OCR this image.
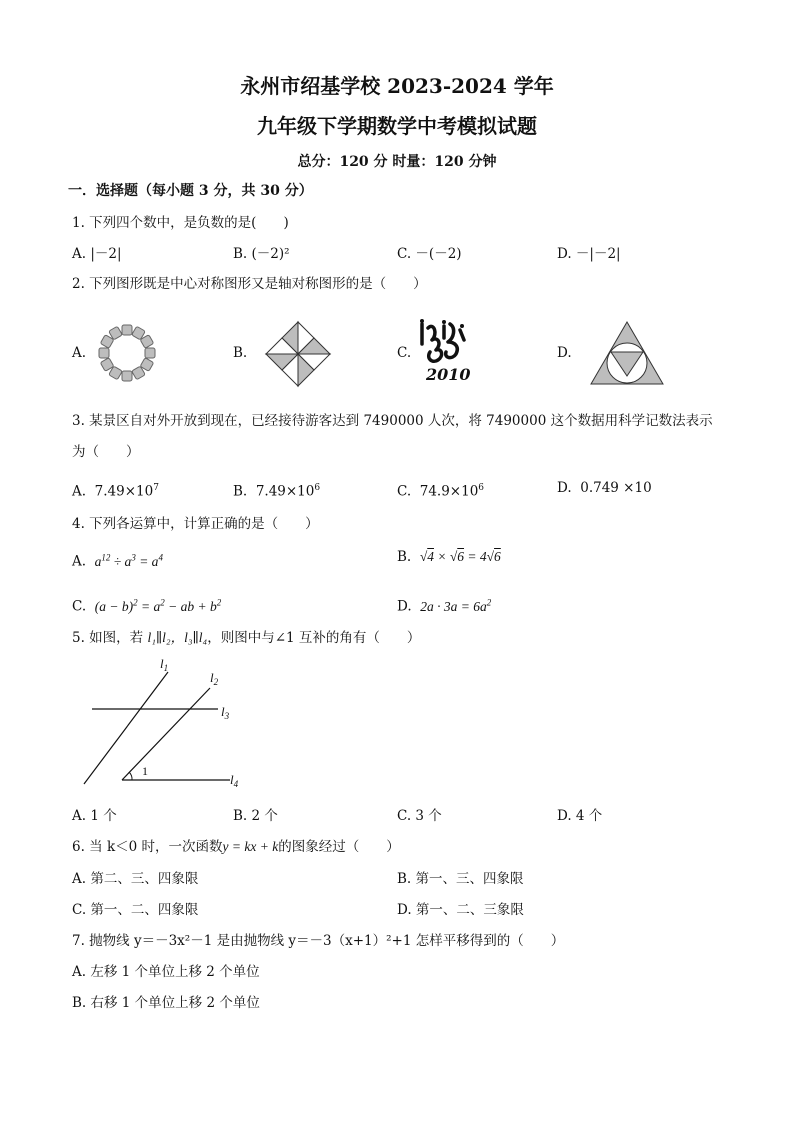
永州市绍基学校 2023-2024 学年
九年级下学期数学中考模拟试题
总分：120 分 时量：120 分钟
一．选择题（每小题 3 分，共 30 分）
1. 下列四个数中，是负数的是(　　)
A. |－2|	B. (－2)²	C. －(－2)	D. －|－2|
2. 下列图形既是中心对称图形又是轴对称图形的是（　　）
A.	B.	C.	D.
2010
3. 某景区自对外开放到现在，已经接待游客达到 7490000 人次，将 7490000 这个数据用科学记数法表示
为（　　）
A. $7.49\times 10^7$	B. $7.49\times 10^6$	C. $74.9\times 10^6$	D. 0.749 ×10
4. 下列各运算中，计算正确的是（　　）
A. $a^{12} \div a^3 = a^4$	B. √4 × √6 = 4√6
C. $(a - b)^2 = a^2$ − ab + $b^2$	D. $2a \cdot 3a = 6a^2$
5. 如图，若 l₁∥l₂，l₃∥l₄，则图中与∠1 互补的角有（　　）
$l_1$
$l_2$
$l_3$
$l_4$
1
A. 1 个	B. 2 个	C. 3 个	D. 4 个
6. 当 k＜0 时，一次函数y = kx + k的图象经过（　　）
A. 第二、三、四象限	B. 第一、三、四象限
C. 第一、二、四象限	D. 第一、二、三象限
7. 抛物线 y＝－3x²－1 是由抛物线 y＝－3（x+1）²+1 怎样平移得到的（　　）
A. 左移 1 个单位上移 2 个单位
B. 右移 1 个单位上移 2 个单位
